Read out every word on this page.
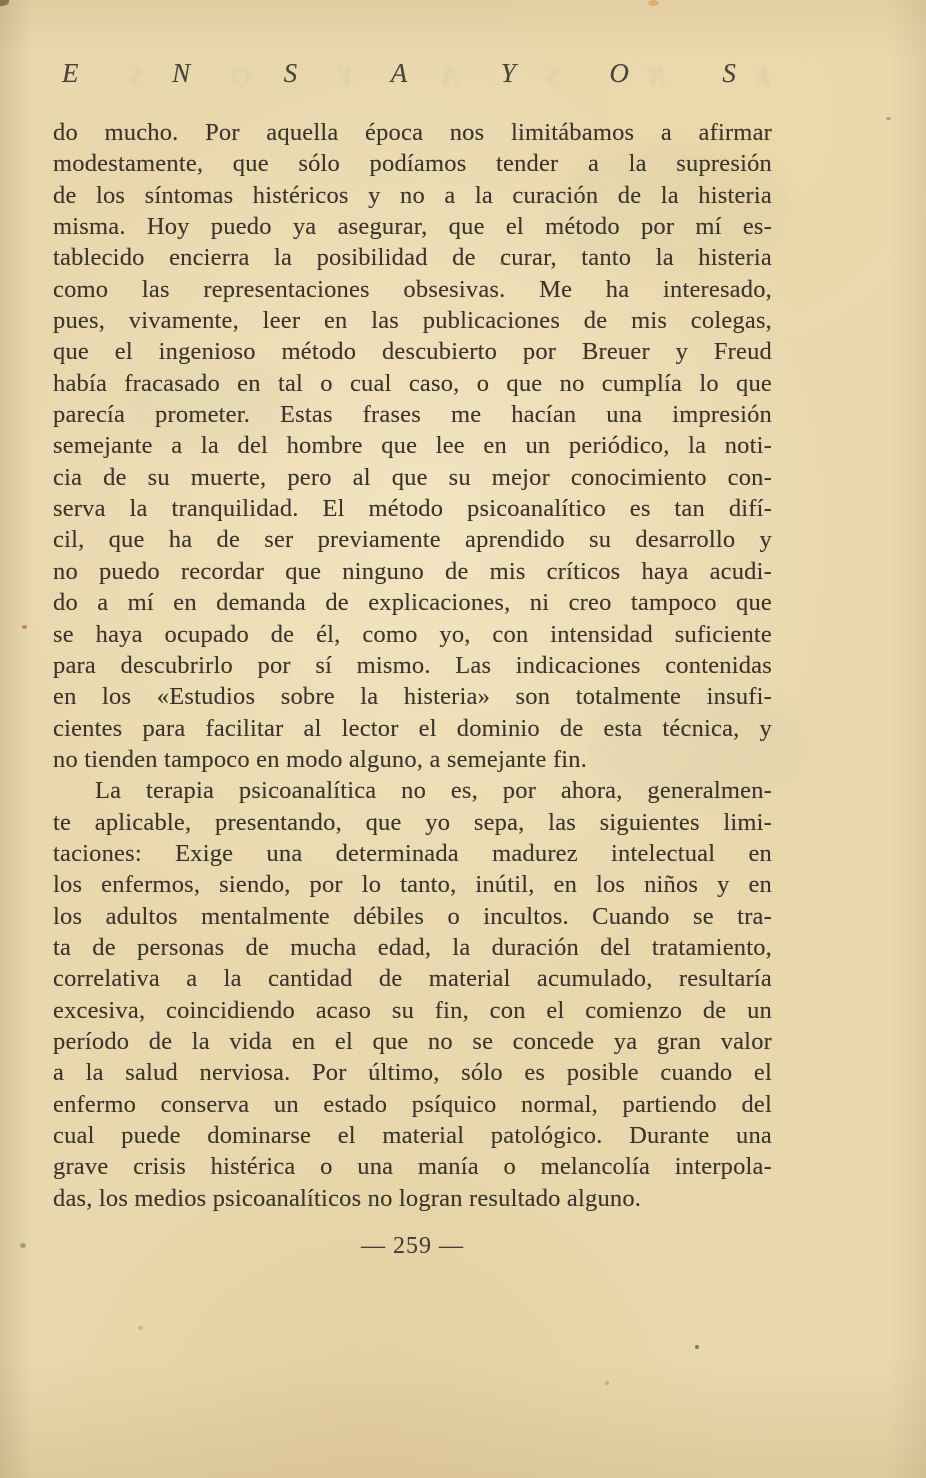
E	N	S	A	Y	O	S
do mucho. Por aquella época nos limitábamos a afirmar
modestamente, que sólo podíamos tender a la supresión
de los síntomas histéricos y no a la curación de la histeria
misma. Hoy puedo ya asegurar, que el método por mí es-
tablecido encierra la posibilidad de curar, tanto la histeria
como las representaciones obsesivas. Me ha interesado,
pues, vivamente, leer en las publicaciones de mis colegas,
que el ingenioso método descubierto por Breuer y Freud
había fracasado en tal o cual caso, o que no cumplía lo que
parecía prometer. Estas frases me hacían una impresión
semejante a la del hombre que lee en un periódico, la noti-
cia de su muerte, pero al que su mejor conocimiento con-
serva la tranquilidad. El método psicoanalítico es tan difí-
cil, que ha de ser previamente aprendido su desarrollo y
no puedo recordar que ninguno de mis críticos haya acudi-
do a mí en demanda de explicaciones, ni creo tampoco que
se haya ocupado de él, como yo, con intensidad suficiente
para descubrirlo por sí mismo. Las indicaciones contenidas
en los «Estudios sobre la histeria» son totalmente insufi-
cientes para facilitar al lector el dominio de esta técnica, y
no tienden tampoco en modo alguno, a semejante fin.
La terapia psicoanalítica no es, por ahora, generalmen-
te aplicable, presentando, que yo sepa, las siguientes limi-
taciones: Exige una determinada madurez intelectual en
los enfermos, siendo, por lo tanto, inútil, en los niños y en
los adultos mentalmente débiles o incultos. Cuando se tra-
ta de personas de mucha edad, la duración del tratamiento,
correlativa a la cantidad de material acumulado, resultaría
excesiva, coincidiendo acaso su fin, con el comienzo de un
período de la vida en el que no se concede ya gran valor
a la salud nerviosa. Por último, sólo es posible cuando el
enfermo conserva un estado psíquico normal, partiendo del
cual puede dominarse el material patológico. Durante una
grave crisis histérica o una manía o melancolía interpola-
das, los medios psicoanalíticos no logran resultado alguno.
— 259 —
